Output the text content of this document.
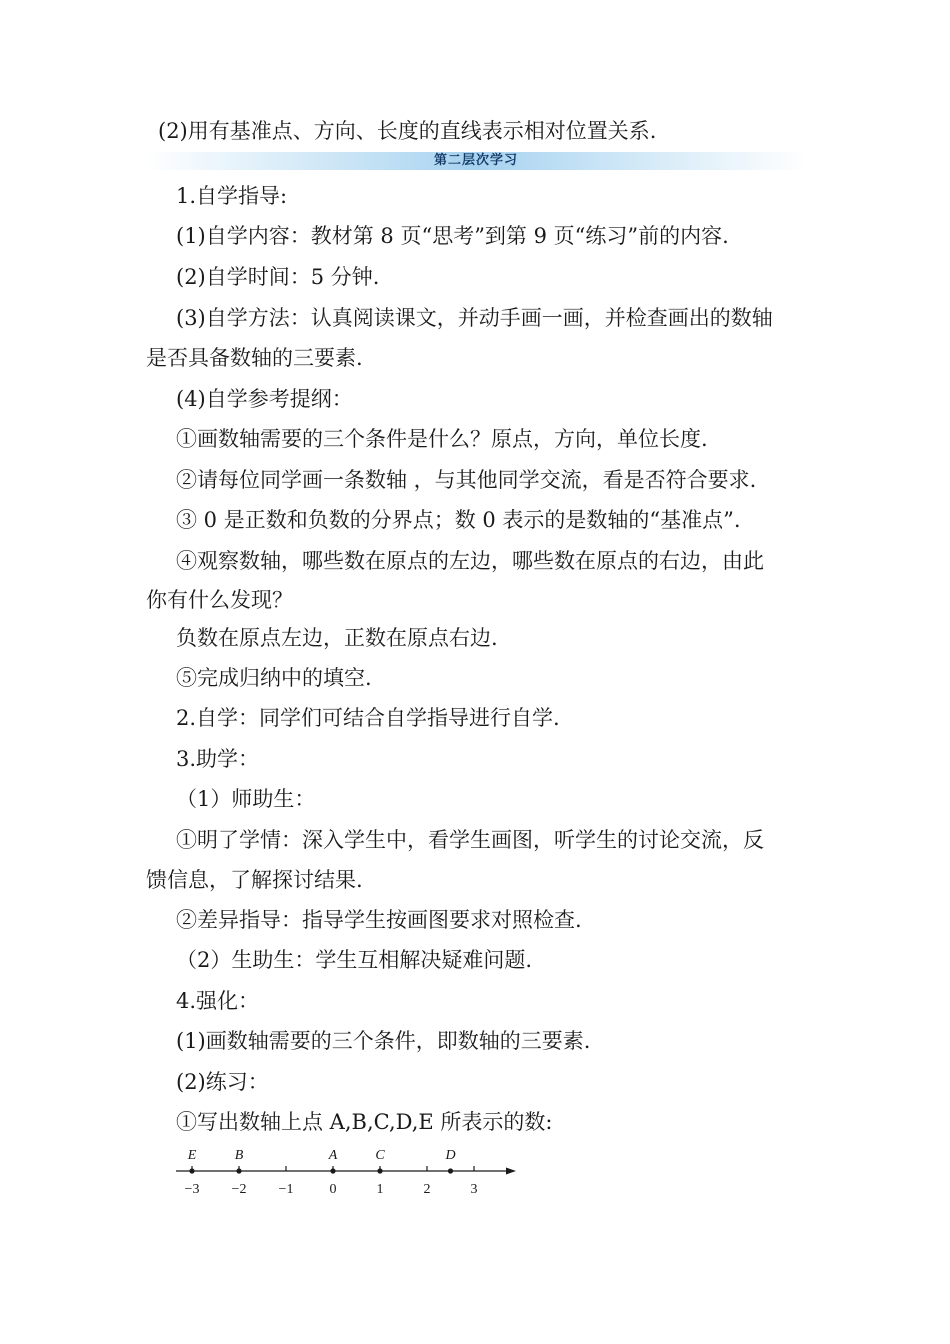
(2)用有基准点、方向、长度的直线表示相对位置关系.
第二层次学习
1.自学指导:
(1)自学内容：教材第 8 页“思考”到第 9 页“练习”前的内容.
(2)自学时间：5 分钟.
(3)自学方法：认真阅读课文，并动手画一画，并检查画出的数轴
是否具备数轴的三要素.
(4)自学参考提纲：
①画数轴需要的三个条件是什么？原点，方向，单位长度.
②请每位同学画一条数轴 ，与其他同学交流，看是否符合要求.
③ 0 是正数和负数的分界点；数 0 表示的是数轴的“基准点”.
④观察数轴，哪些数在原点的左边，哪些数在原点的右边，由此
你有什么发现？
负数在原点左边，正数在原点右边.
⑤完成归纳中的填空.
2.自学：同学们可结合自学指导进行自学.
3.助学：
（1）师助生：
①明了学情：深入学生中，看学生画图，听学生的讨论交流，反
馈信息，了解探讨结果.
②差异指导：指导学生按画图要求对照检查.
（2）生助生：学生互相解决疑难问题.
4.强化：
(1)画数轴需要的三个条件，即数轴的三要素.
(2)练习：
①写出数轴上点 A,B,C,D,E 所表示的数:
−3 −2 −1	0	1	2	3
E	B	A	C	D
